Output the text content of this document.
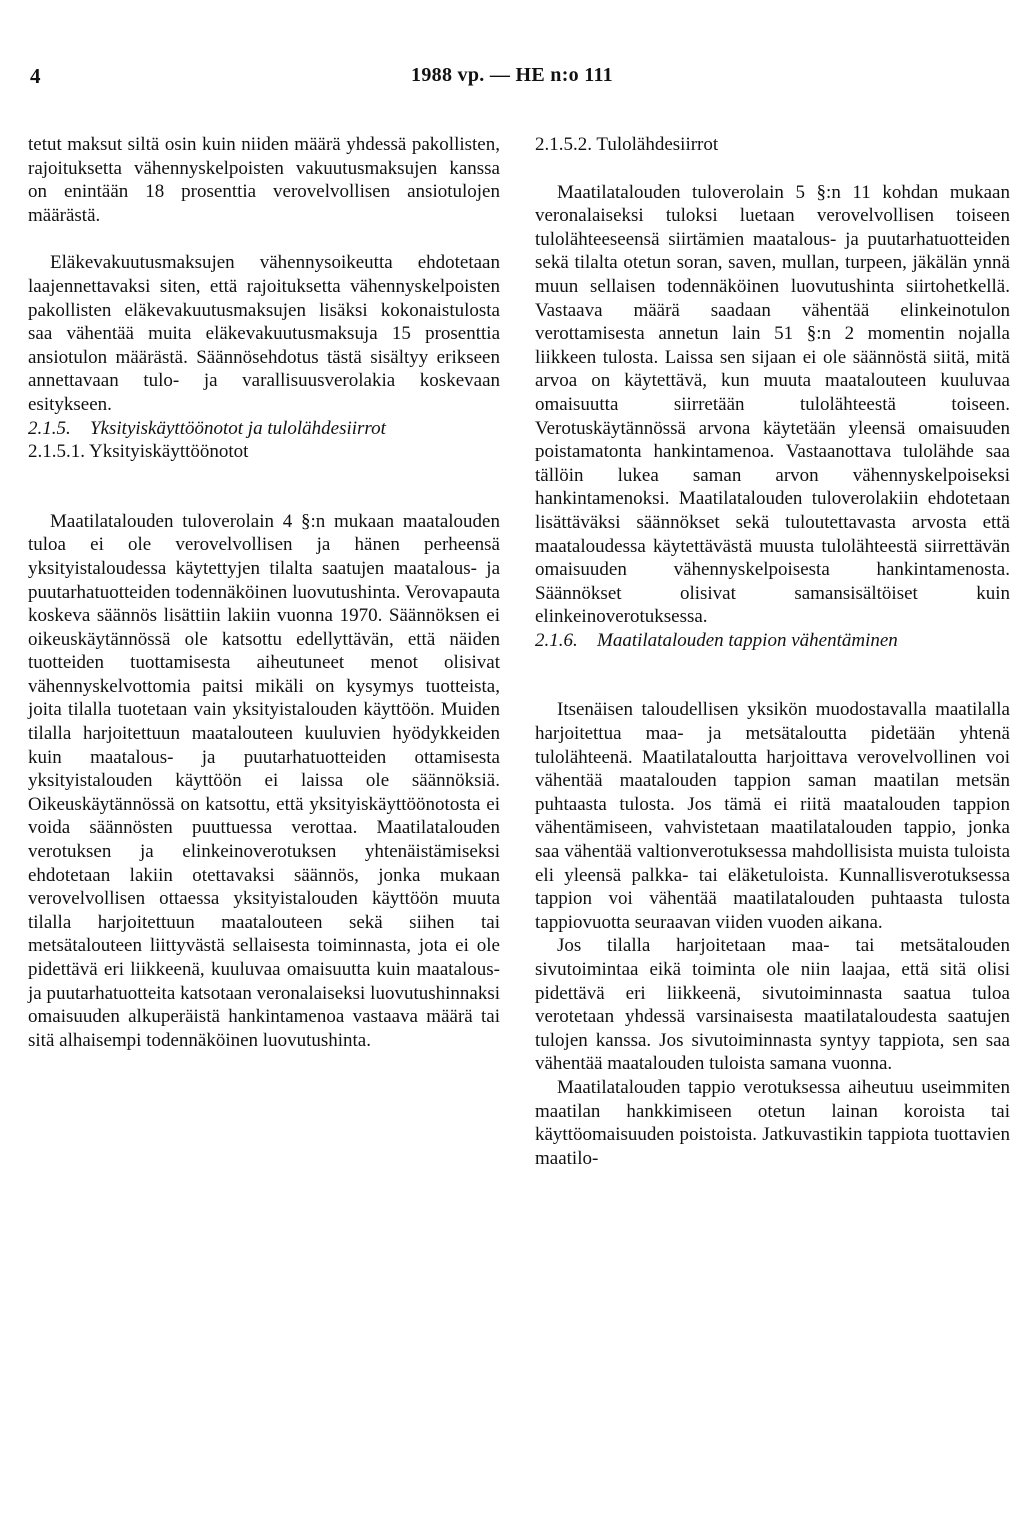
4	1988 vp. — HE n:o 111

tetut maksut siltä osin kuin niiden määrä yhdessä pakollisten, rajoituksetta vähennyskelpoisten vakuutusmaksujen kanssa on enintään 18 prosenttia verovelvollisen ansiotulojen määrästä.

Eläkevakuutusmaksujen vähennysoikeutta ehdotetaan laajennettavaksi siten, että rajoituksetta vähennyskelpoisten pakollisten eläkevakuutusmaksujen lisäksi kokonaistulosta saa vähentää muita eläkevakuutusmaksuja 15 prosenttia ansiotulon määrästä. Säännösehdotus tästä sisältyy erikseen annettavaan tulo- ja varallisuusverolakia koskevaan esitykseen.

2.1.5.	Yksityiskäyttöönotot ja tulolähdesiirrot

2.1.5.1. Yksityiskäyttöönotot

Maatilatalouden tuloverolain 4 §:n mukaan maatalouden tuloa ei ole verovelvollisen ja hänen perheensä yksityistaloudessa käytettyjen tilalta saatujen maatalous- ja puutarhatuotteiden todennäköinen luovutushinta. Verovapauta koskeva säännös lisättiin lakiin vuonna 1970. Säännöksen ei oikeuskäytännössä ole katsottu edellyttävän, että näiden tuotteiden tuottamisesta aiheutuneet menot olisivat vähennyskelvottomia paitsi mikäli on kysymys tuotteista, joita tilalla tuotetaan vain yksityistalouden käyttöön. Muiden tilalla harjoitettuun maatalouteen kuuluvien hyödykkeiden kuin maatalous- ja puutarhatuotteiden ottamisesta yksityistalouden käyttöön ei laissa ole säännöksiä. Oikeuskäytännössä on katsottu, että yksityiskäyttöönotosta ei voida säännösten puuttuessa verottaa. Maatilatalouden verotuksen ja elinkeinoverotuksen yhtenäistämiseksi ehdotetaan lakiin otettavaksi säännös, jonka mukaan verovelvollisen ottaessa yksityistalouden käyttöön muuta tilalla harjoitettuun maatalouteen sekä siihen tai metsätalouteen liittyvästä sellaisesta toiminnasta, jota ei ole pidettävä eri liikkeenä, kuuluvaa omaisuutta kuin maatalous- ja puutarhatuotteita katsotaan veronalaiseksi luovutushinnaksi omaisuuden alkuperäistä hankintamenoa vastaava määrä tai sitä alhaisempi todennäköinen luovutushinta.

2.1.5.2. Tulolähdesiirrot

Maatilatalouden tuloverolain 5 §:n 11 kohdan mukaan veronalaiseksi tuloksi luetaan verovelvollisen toiseen tulolähteeseensä siirtämien maatalous- ja puutarhatuotteiden sekä tilalta otetun soran, saven, mullan, turpeen, jäkälän ynnä muun sellaisen todennäköinen luovutushinta siirtohetkellä. Vastaava määrä saadaan vähentää elinkeinotulon verottamisesta annetun lain 51 §:n 2 momentin nojalla liikkeen tulosta. Laissa sen sijaan ei ole säännöstä siitä, mitä arvoa on käytettävä, kun muuta maatalouteen kuuluvaa omaisuutta siirretään tulolähteestä toiseen. Verotuskäytännössä arvona käytetään yleensä omaisuuden poistamatonta hankintamenoa. Vastaanottava tulolähde saa tällöin lukea saman arvon vähennyskelpoiseksi hankintamenoksi. Maatilatalouden tuloverolakiin ehdotetaan lisättäväksi säännökset sekä tuloutettavasta arvosta että maataloudessa käytettävästä muusta tulolähteestä siirrettävän omaisuuden vähennyskelpoisesta hankintamenosta. Säännökset olisivat samansisältöiset kuin elinkeinoverotuksessa.

2.1.6.	Maatilatalouden tappion vähentäminen

Itsenäisen taloudellisen yksikön muodostavalla maatilalla harjoitettua maa- ja metsätaloutta pidetään yhtenä tulolähteenä. Maatilataloutta harjoittava verovelvollinen voi vähentää maatalouden tappion saman maatilan metsän puhtaasta tulosta. Jos tämä ei riitä maatalouden tappion vähentämiseen, vahvistetaan maatilatalouden tappio, jonka saa vähentää valtionverotuksessa mahdollisista muista tuloista eli yleensä palkka- tai eläketuloista. Kunnallisverotuksessa tappion voi vähentää maatilatalouden puhtaasta tulosta tappiovuotta seuraavan viiden vuoden aikana.

Jos tilalla harjoitetaan maa- tai metsätalouden sivutoimintaa eikä toiminta ole niin laajaa, että sitä olisi pidettävä eri liikkeenä, sivutoiminnasta saatua tuloa verotetaan yhdessä varsinaisesta maatilataloudesta saatujen tulojen kanssa. Jos sivutoiminnasta syntyy tappiota, sen saa vähentää maatalouden tuloista samana vuonna.

Maatilatalouden tappio verotuksessa aiheutuu useimmiten maatilan hankkimiseen otetun lainan koroista tai käyttöomaisuuden poistoista. Jatkuvastikin tappiota tuottavien maatilo-
